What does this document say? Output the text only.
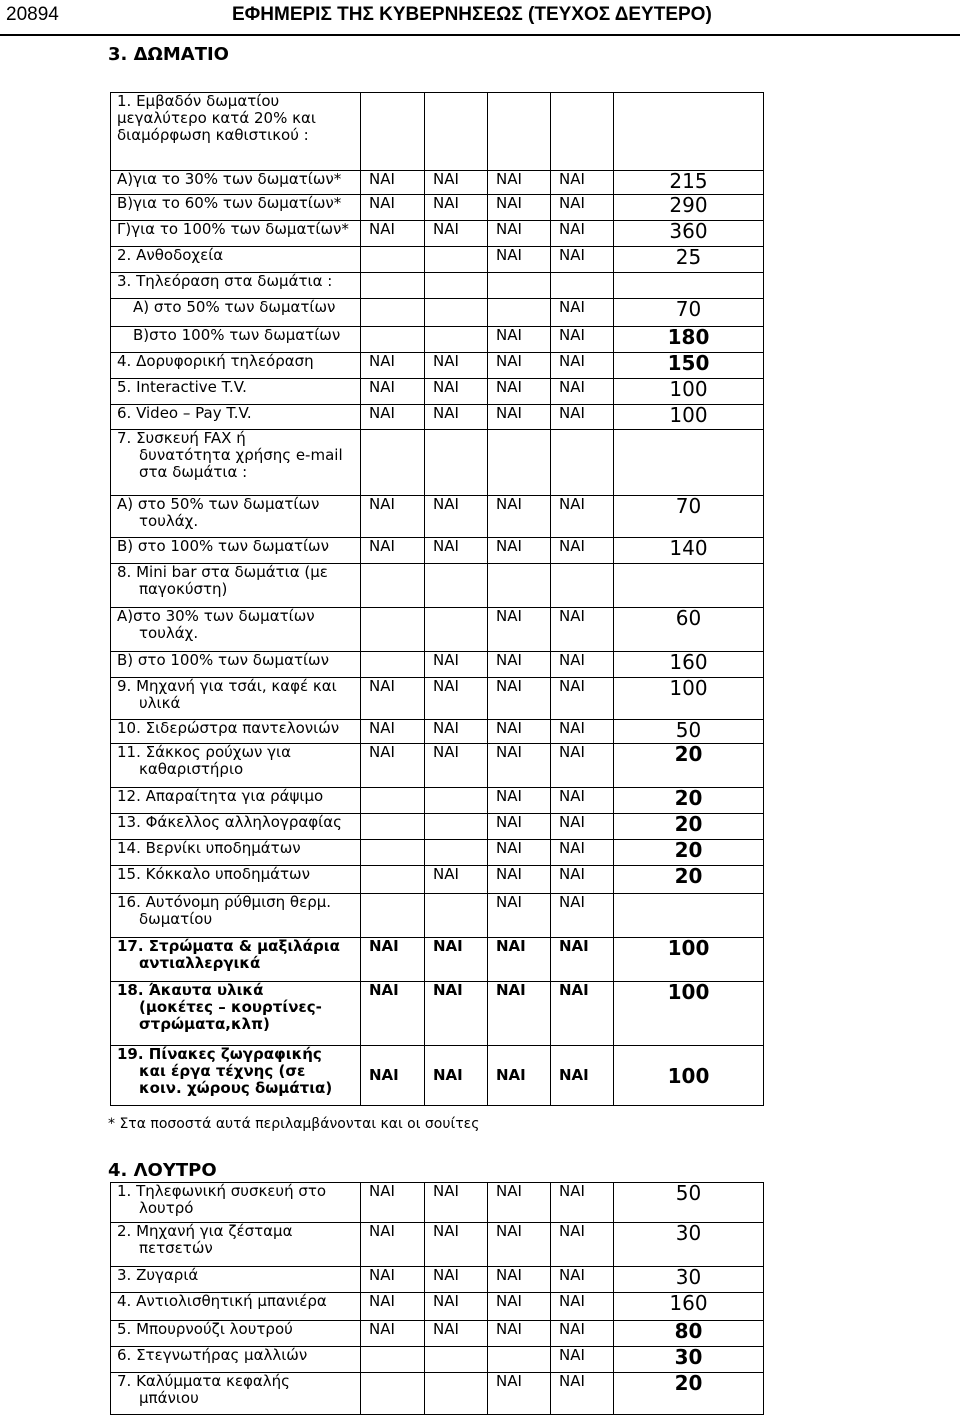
20894	ΕΦΗΜΕΡΙΣ ΤΗΣ ΚΥΒΕΡΝΗΣΕΩΣ (ΤΕΥΧΟΣ ΔΕΥΤΕΡΟ)
3. ΔΩΜΑΤΙΟ
1. Εμβαδόν δωματίου
μεγαλύτερο κατά 20% και
διαμόρφωση καθιστικού :					

Α)για το 30% των δωματίων*	ΝΑΙ	ΝΑΙ	ΝΑΙ	ΝΑΙ	215

Β)για το 60% των δωματίων*	ΝΑΙ	ΝΑΙ	ΝΑΙ	ΝΑΙ	290

Γ)για το 100% των δωματίων*	ΝΑΙ	ΝΑΙ	ΝΑΙ	ΝΑΙ	360

2. Ανθοδοχεία			ΝΑΙ	ΝΑΙ	25

3. Τηλεόραση στα δωμάτια :					

Α) στο 50% των δωματίων				ΝΑΙ	70

Β)στο 100% των δωματίων			ΝΑΙ	ΝΑΙ	180

4. Δορυφορική τηλεόραση	ΝΑΙ	ΝΑΙ	ΝΑΙ	ΝΑΙ	150

5. Interactive T.V.	ΝΑΙ	ΝΑΙ	ΝΑΙ	ΝΑΙ	100

6. Video – Pay T.V.	ΝΑΙ	ΝΑΙ	ΝΑΙ	ΝΑΙ	100

7. Συσκευή FAX ή
δυνατότητα χρήσης e-mail
στα δωμάτια :					

Α) στο 50% των δωματίων
τουλάχ.	ΝΑΙ	ΝΑΙ	ΝΑΙ	ΝΑΙ	70

Β) στο 100% των δωματίων	ΝΑΙ	ΝΑΙ	ΝΑΙ	ΝΑΙ	140

8. Mini bar στα δωμάτια (με
παγοκύστη)					

Α)στο 30% των δωματίων
τουλάχ.			ΝΑΙ	ΝΑΙ	60

Β) στο 100% των δωματίων		ΝΑΙ	ΝΑΙ	ΝΑΙ	160

9. Μηχανή για τσάι, καφέ και
υλικά	ΝΑΙ	ΝΑΙ	ΝΑΙ	ΝΑΙ	100

10. Σιδερώστρα παντελονιών	ΝΑΙ	ΝΑΙ	ΝΑΙ	ΝΑΙ	50

11. Σάκκος ρούχων για
καθαριστήριο	ΝΑΙ	ΝΑΙ	ΝΑΙ	ΝΑΙ	20

12. Απαραίτητα για ράψιμο			ΝΑΙ	ΝΑΙ	20

13. Φάκελλος αλληλογραφίας			ΝΑΙ	ΝΑΙ	20

14. Βερνίκι υποδημάτων			ΝΑΙ	ΝΑΙ	20

15. Κόκκαλο υποδημάτων		ΝΑΙ	ΝΑΙ	ΝΑΙ	20

16. Αυτόνομη ρύθμιση θερμ.
δωματίου			ΝΑΙ	ΝΑΙ	

17. Στρώματα & μαξιλάρια
αντιαλλεργικά	ΝΑΙ	ΝΑΙ	ΝΑΙ	ΝΑΙ	100

18. Άκαυτα υλικά
(μοκέτες – κουρτίνες-
στρώματα,κλπ)	ΝΑΙ	ΝΑΙ	ΝΑΙ	ΝΑΙ	100

19. Πίνακες ζωγραφικής
και έργα τέχνης (σε
κοιν. χώρους δωμάτια)	ΝΑΙ	ΝΑΙ	ΝΑΙ	ΝΑΙ	100
* Στα ποσοστά αυτά περιλαμβάνονται και οι σουίτες
4. ΛΟΥΤΡΟ
1. Τηλεφωνική συσκευή στο
λουτρό	ΝΑΙ	ΝΑΙ	ΝΑΙ	ΝΑΙ	50

2. Μηχανή για ζέσταμα
πετσετών	ΝΑΙ	ΝΑΙ	ΝΑΙ	ΝΑΙ	30

3. Ζυγαριά	ΝΑΙ	ΝΑΙ	ΝΑΙ	ΝΑΙ	30

4. Αντιολισθητική μπανιέρα	ΝΑΙ	ΝΑΙ	ΝΑΙ	ΝΑΙ	160

5. Μπουρνούζι λουτρού	ΝΑΙ	ΝΑΙ	ΝΑΙ	ΝΑΙ	80

6. Στεγνωτήρας μαλλιών				ΝΑΙ	30

7. Καλύμματα κεφαλής
μπάνιου			ΝΑΙ	ΝΑΙ	20
